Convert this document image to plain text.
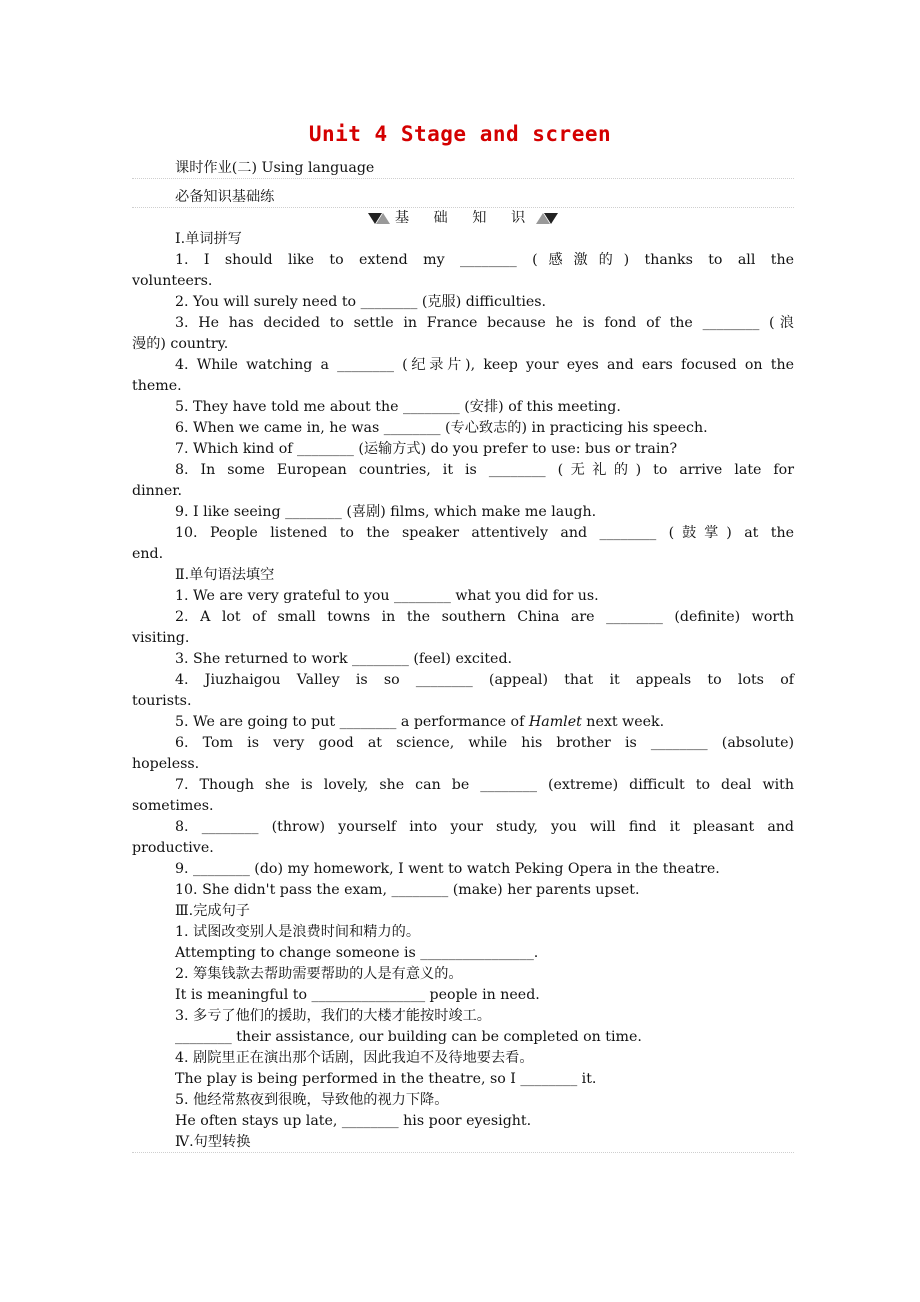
Unit 4 Stage and screen
课时作业(二) Using language
必备知识基础练
基 础 知 识
Ⅰ.单词拼写
1. I should like to extend my ________ (感激的) thanks to all the
volunteers.
2. You will surely need to ________ (克服) difficulties.
3. He has decided to settle in France because he is fond of the ________ (浪
漫的) country.
4. While watching a ________ (纪录片), keep your eyes and ears focused on the
theme.
5. They have told me about the ________ (安排) of this meeting.
6. When we came in, he was ________ (专心致志的) in practicing his speech.
7. Which kind of ________ (运输方式) do you prefer to use: bus or train?
8. In some European countries, it is ________ (无礼的) to arrive late for
dinner.
9. I like seeing ________ (喜剧) films, which make me laugh.
10. People listened to the speaker attentively and ________ (鼓掌) at the
end.
Ⅱ.单句语法填空
1. We are very grateful to you ________ what you did for us.
2. A lot of small towns in the southern China are ________ (definite) worth
visiting.
3. She returned to work ________ (feel) excited.
4. Jiuzhaigou Valley is so ________ (appeal) that it appeals to lots of
tourists.
5. We are going to put ________ a performance of Hamlet next week.
6. Tom is very good at science, while his brother is ________ (absolute)
hopeless.
7. Though she is lovely, she can be ________ (extreme) difficult to deal with
sometimes.
8. ________ (throw) yourself into your study, you will find it pleasant and
productive.
9. ________ (do) my homework, I went to watch Peking Opera in the theatre.
10. She didn't pass the exam, ________ (make) her parents upset.
Ⅲ.完成句子
1. 试图改变别人是浪费时间和精力的。
Attempting to change someone is ________________.
2. 筹集钱款去帮助需要帮助的人是有意义的。
It is meaningful to ________________ people in need.
3. 多亏了他们的援助，我们的大楼才能按时竣工。
________ their assistance, our building can be completed on time.
4. 剧院里正在演出那个话剧，因此我迫不及待地要去看。
The play is being performed in the theatre, so I ________ it.
5. 他经常熬夜到很晚，导致他的视力下降。
He often stays up late, ________ his poor eyesight.
Ⅳ.句型转换
